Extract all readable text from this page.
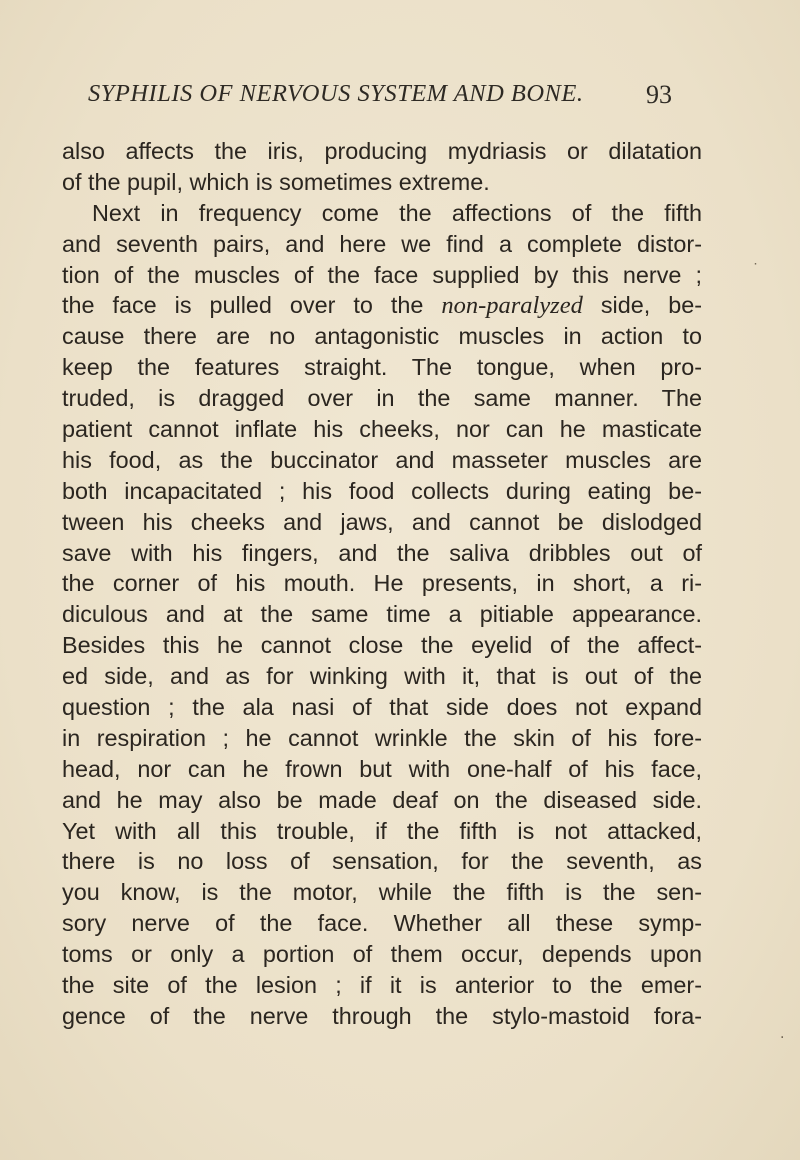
SYPHILIS OF NERVOUS SYSTEM AND BONE. 93
also affects the iris, producing mydriasis or dilatation
of the pupil, which is sometimes extreme.
Next in frequency come the affections of the fifth
and seventh pairs, and here we find a complete distor-
tion of the muscles of the face supplied by this nerve ;
the face is pulled over to the non-paralyzed side, be-
cause there are no antagonistic muscles in action to
keep the features straight. The tongue, when pro-
truded, is dragged over in the same manner. The
patient cannot inflate his cheeks, nor can he masticate
his food, as the buccinator and masseter muscles are
both incapacitated ; his food collects during eating be-
tween his cheeks and jaws, and cannot be dislodged
save with his fingers, and the saliva dribbles out of
the corner of his mouth. He presents, in short, a ri-
diculous and at the same time a pitiable appearance.
Besides this he cannot close the eyelid of the affect-
ed side, and as for winking with it, that is out of the
question ; the ala nasi of that side does not expand
in respiration ; he cannot wrinkle the skin of his fore-
head, nor can he frown but with one-half of his face,
and he may also be made deaf on the diseased side.
Yet with all this trouble, if the fifth is not attacked,
there is no loss of sensation, for the seventh, as
you know, is the motor, while the fifth is the sen-
sory nerve of the face. Whether all these symp-
toms or only a portion of them occur, depends upon
the site of the lesion ; if it is anterior to the emer-
gence of the nerve through the stylo-mastoid fora-
˙
·
